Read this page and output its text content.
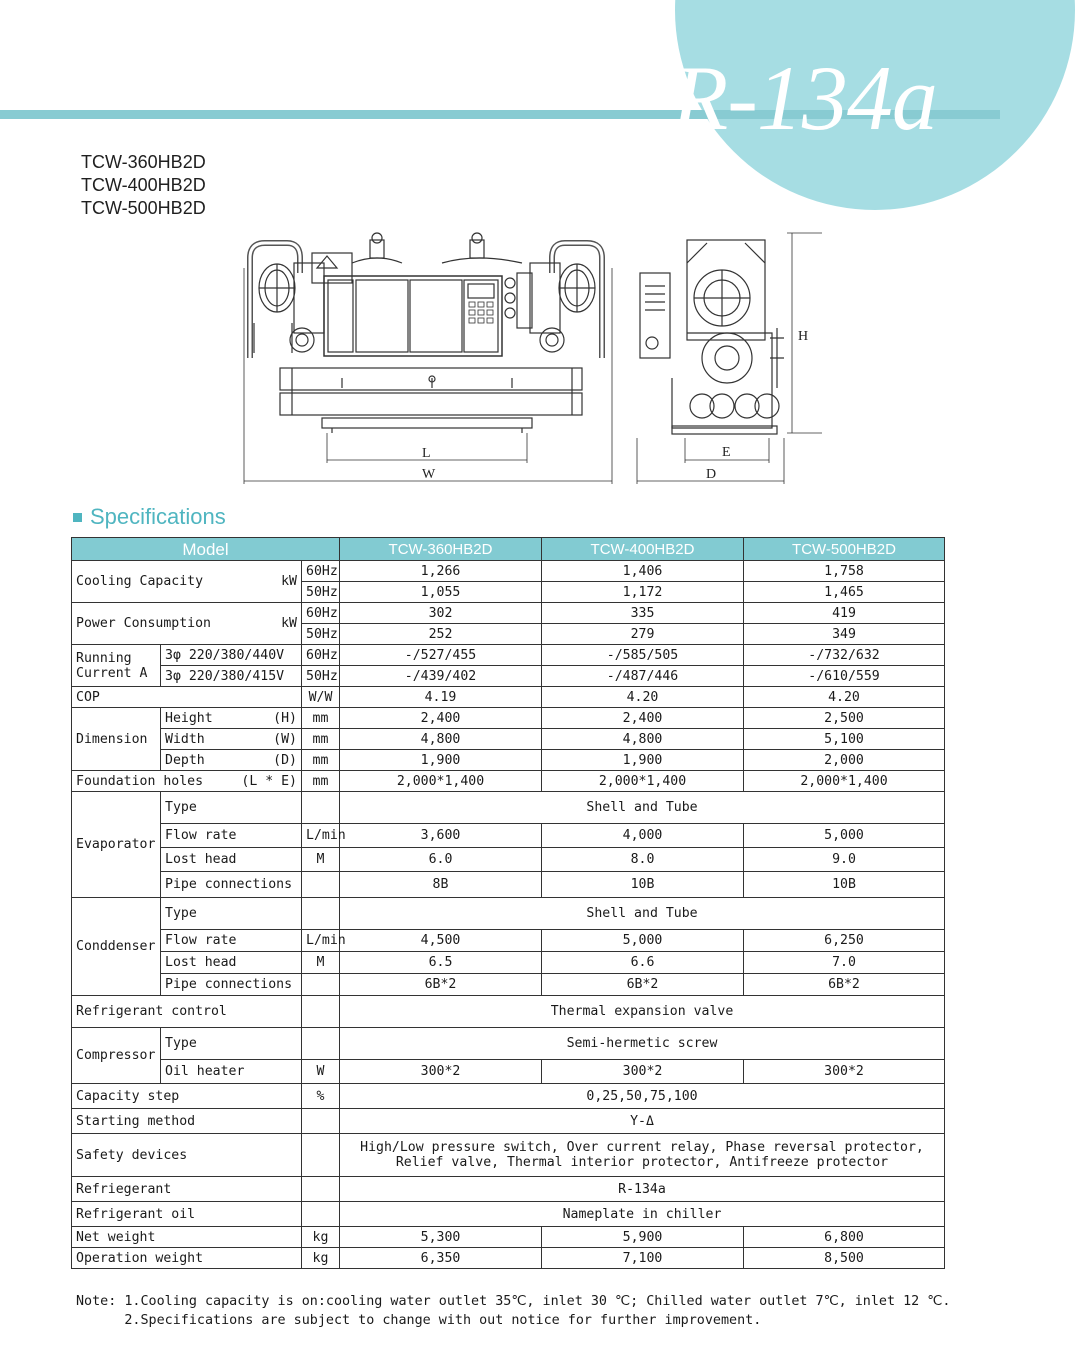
R-134a
TCW-360HB2D
TCW-400HB2D
TCW-500HB2D
L
W
H
E
D
Specifications
Model			TCW-360HB2D	TCW-400HB2D	TCW-500HB2D

Cooling Capacity kW		60Hz	1,266	1,406	1,758
		50Hz	1,055	1,172	1,465

Power Consumption kW		60Hz	302	335	419
		50Hz	252	279	349

Running
Current A	3φ 220/380/440V	60Hz	-/527/455	-/585/505	-/732/632
	3φ 220/380/415V	50Hz	-/439/402	-/487/446	-/610/559
COP		W/W	4.19	4.20	4.20
Dimension	Height (H)	mm	2,400	2,400	2,500

	Width (W)	mm	4,800	4,800	5,100

	Depth (D)	mm	1,900	1,900	2,000

Foundation holes (L * E)		mm	2,000*1,400	2,000*1,400	2,000*1,400
Evaporator	Type		Shell and Tube		
	Flow rate	L/min	3,600	4,000	5,000
	Lost head	M	6.0	8.0	9.0
	Pipe connections		8B	10B	10B
Conddenser	Type		Shell and Tube		
	Flow rate	L/min	4,500	5,000	6,250
	Lost head	M	6.5	6.6	7.0
	Pipe connections		6B*2	6B*2	6B*2
Refrigerant control			Thermal expansion valve		
Compressor	Type		Semi-hermetic screw		
	Oil heater	W	300*2	300*2	300*2
Capacity step		%	0,25,50,75,100		
Starting method			Y-Δ		
Safety devices			High/Low pressure switch, Over current relay, Phase reversal protector,
Relief valve, Thermal interior protector, Antifreeze protector		

Refriegerant			R-134a		
Refrigerant oil			Nameplate in chiller		
Net weight		kg	5,300	5,900	6,800
Operation weight		kg	6,350	7,100	8,500
Note: 1.Cooling capacity is on:cooling water outlet 35℃, inlet 30 ℃; Chilled water outlet 7℃, inlet 12 ℃.
2.Specifications are subject to change with out notice for further improvement.
